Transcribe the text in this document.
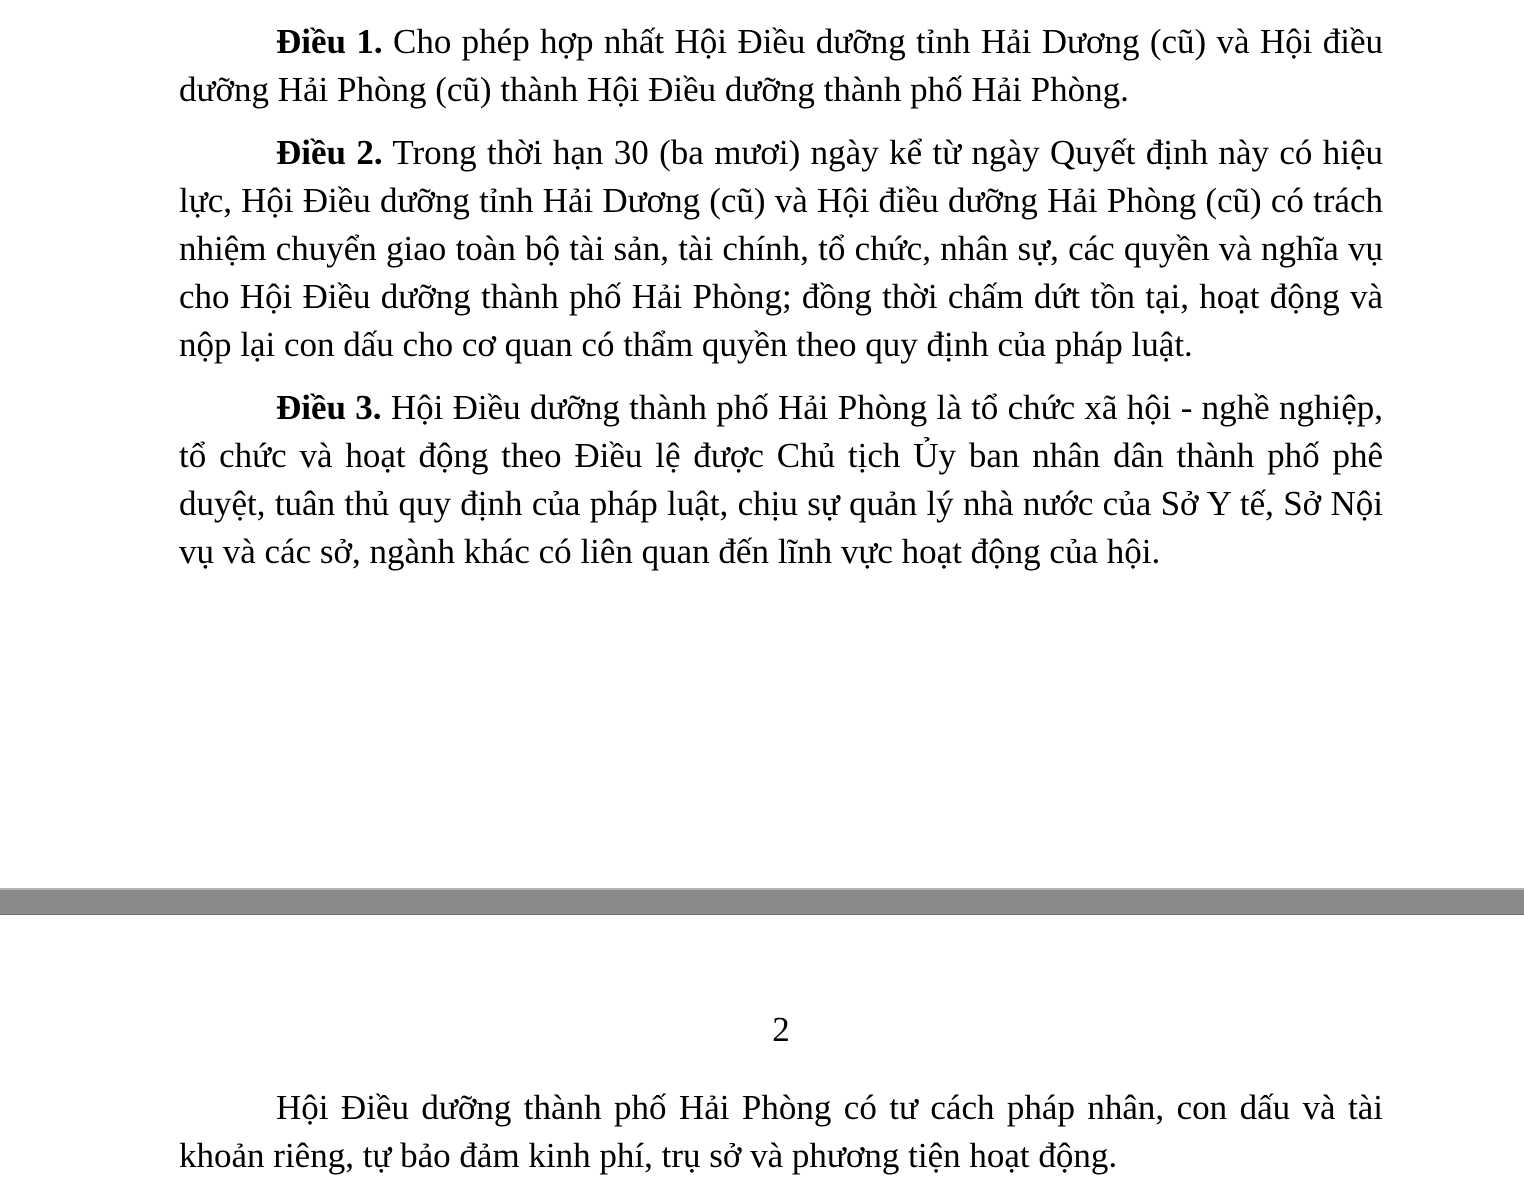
Điều 1. Cho phép hợp nhất Hội Điều dưỡng tỉnh Hải Dương (cũ) và Hội điều dưỡng Hải Phòng (cũ) thành Hội Điều dưỡng thành phố Hải Phòng.

Điều 2. Trong thời hạn 30 (ba mươi) ngày kể từ ngày Quyết định này có hiệu lực, Hội Điều dưỡng tỉnh Hải Dương (cũ) và Hội điều dưỡng Hải Phòng (cũ) có trách nhiệm chuyển giao toàn bộ tài sản, tài chính, tổ chức, nhân sự, các quyền và nghĩa vụ cho Hội Điều dưỡng thành phố Hải Phòng; đồng thời chấm dứt tồn tại, hoạt động và nộp lại con dấu cho cơ quan có thẩm quyền theo quy định của pháp luật.

Điều 3. Hội Điều dưỡng thành phố Hải Phòng là tổ chức xã hội - nghề nghiệp, tổ chức và hoạt động theo Điều lệ được Chủ tịch Ủy ban nhân dân thành phố phê duyệt, tuân thủ quy định của pháp luật, chịu sự quản lý nhà nước của Sở Y tế, Sở Nội vụ và các sở, ngành khác có liên quan đến lĩnh vực hoạt động của hội.

2

Hội Điều dưỡng thành phố Hải Phòng có tư cách pháp nhân, con dấu và tài khoản riêng, tự bảo đảm kinh phí, trụ sở và phương tiện hoạt động.
